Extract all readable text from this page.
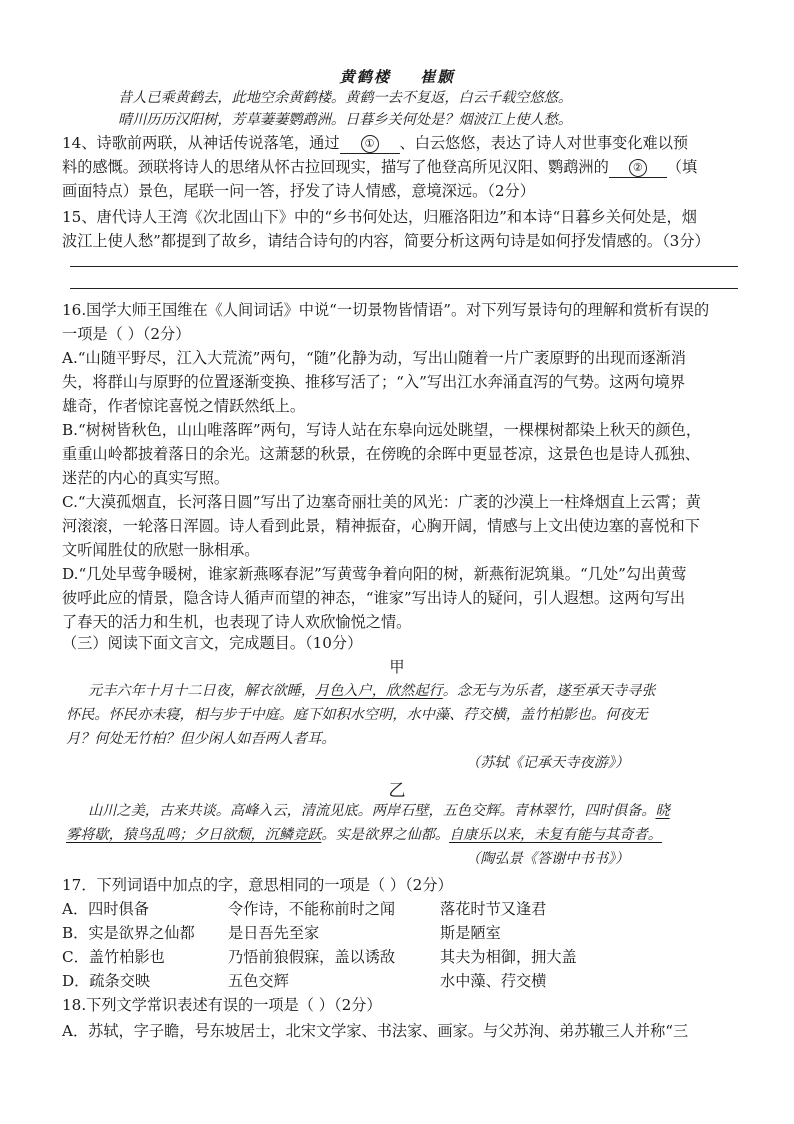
黄鹤楼 崔颢
昔人已乘黄鹤去，此地空余黄鹤楼。黄鹤一去不复返，白云千载空悠悠。
晴川历历汉阳树，芳草萋萋鹦鹉洲。日暮乡关何处是？烟波江上使人愁。
14、诗歌前两联，从神话传说落笔，通过 ① 、白云悠悠，表达了诗人对世事变化难以预
料的感慨。颈联将诗人的思绪从怀古拉回现实，描写了他登高所见汉阳、鹦鹉洲的 ② （填
画面特点）景色，尾联一问一答，抒发了诗人情感，意境深远。（2分）
15、唐代诗人王湾《次北固山下》中的“乡书何处达，归雁洛阳边”和本诗“日暮乡关何处是，烟
波江上使人愁”都提到了故乡，请结合诗句的内容，简要分析这两句诗是如何抒发情感的。（3分）
16.国学大师王国维在《人间词话》中说“一切景物皆情语”。对下列写景诗句的理解和赏析有误的
一项是（ ）（2分）
A.“山随平野尽，江入大荒流”两句，“随”化静为动，写出山随着一片广袤原野的出现而逐渐消
失，将群山与原野的位置逐渐变换、推移写活了；“入”写出江水奔涌直泻的气势。这两句境界
雄奇，作者惊诧喜悦之情跃然纸上。
B.“树树皆秋色，山山唯落晖”两句，写诗人站在东皋向远处眺望，一棵棵树都染上秋天的颜色，
重重山岭都披着落日的余光。这萧瑟的秋景，在傍晚的余晖中更显苍凉，这景色也是诗人孤独、
迷茫的内心的真实写照。
C.“大漠孤烟直，长河落日圆”写出了边塞奇丽壮美的风光：广袤的沙漠上一柱烽烟直上云霄；黄
河滚滚，一轮落日浑圆。诗人看到此景，精神振奋，心胸开阔，情感与上文出使边塞的喜悦和下
文听闻胜仗的欣慰一脉相承。
D.“几处早莺争暖树，谁家新燕啄春泥”写黄莺争着向阳的树，新燕衔泥筑巢。“几处”勾出黄莺
彼呼此应的情景，隐含诗人循声而望的神态，“谁家”写出诗人的疑问，引人遐想。这两句写出
了春天的活力和生机，也表现了诗人欢欣愉悦之情。
（三）阅读下面文言文，完成题目。（10分）
甲
元丰六年十月十二日夜，解衣欲睡，月色入户，欣然起行。念无与为乐者，遂至承天寺寻张
怀民。怀民亦未寝，相与步于中庭。庭下如积水空明，水中藻、荇交横，盖竹柏影也。何夜无
月？何处无竹柏？但少闲人如吾两人者耳。
（苏轼《记承天寺夜游》）
乙
山川之美，古来共谈。高峰入云，清流见底。两岸石壁，五色交辉。青林翠竹，四时俱备。晓
雾将歇，猿鸟乱鸣；夕日欲颓，沉鳞竞跃。实是欲界之仙都。自康乐以来，未复有能与其奇者。
（陶弘景《答谢中书书》）
17．下列词语中加点的字，意思相同的一项是（ ）（2分）
A．四时俱备	令作诗，不能称前时之闻	落花时节又逢君
B．实是欲界之仙都 是日吾先至家	斯是陋室
C．盖竹柏影也	乃悟前狼假寐，盖以诱敌	其夫为相御，拥大盖
D．疏条交映	五色交辉	水中藻、荇交横
18.下列文学常识表述有误的一项是（ ）（2分）
A．苏轼，字子瞻，号东坡居士，北宋文学家、书法家、画家。与父苏洵、弟苏辙三人并称“三
